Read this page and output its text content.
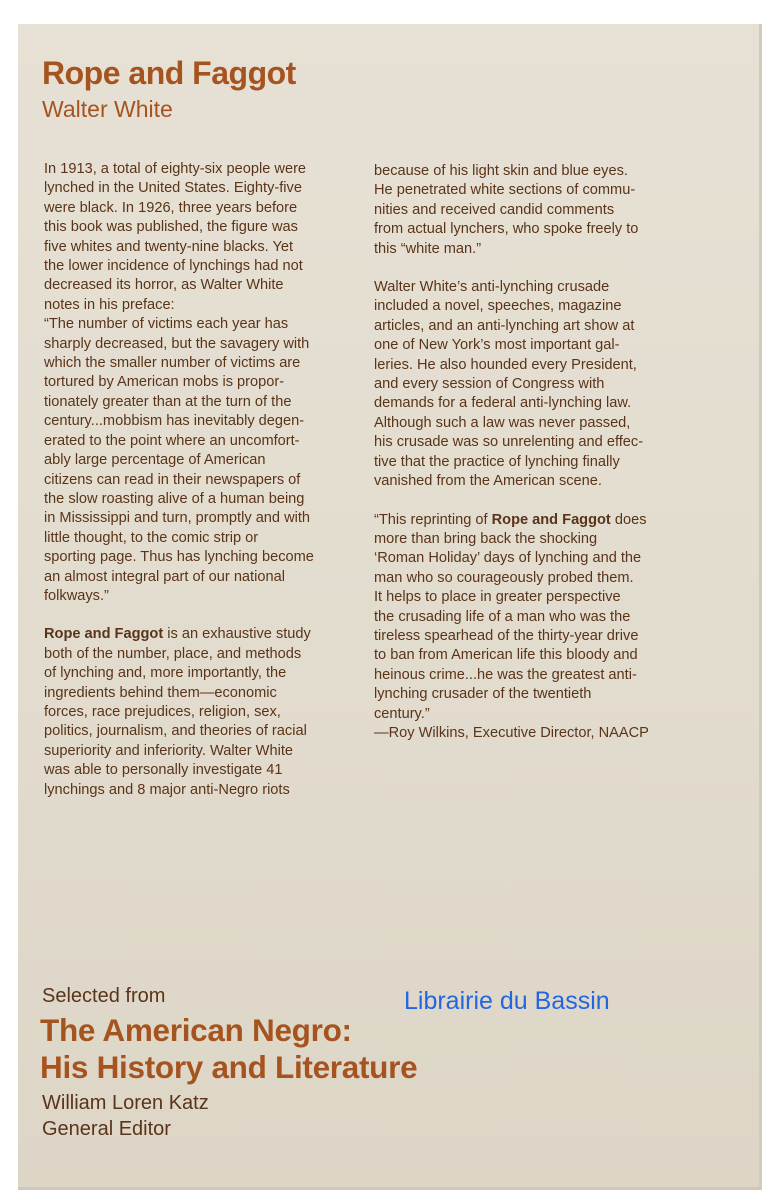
Rope and Faggot
Walter White

In 1913, a total of eighty-six people were
lynched in the United States. Eighty-five
were black. In 1926, three years before
this book was published, the figure was
five whites and twenty-nine blacks. Yet
the lower incidence of lynchings had not
decreased its horror, as Walter White
notes in his preface:

“The number of victims each year has
sharply decreased, but the savagery with
which the smaller number of victims are
tortured by American mobs is propor-
tionately greater than at the turn of the
century...mobbism has inevitably degen-
erated to the point where an uncomfort-
ably large percentage of American
citizens can read in their newspapers of
the slow roasting alive of a human being
in Mississippi and turn, promptly and with
little thought, to the comic strip or
sporting page. Thus has lynching become
an almost integral part of our national
folkways.”

Rope and Faggot is an exhaustive study
both of the number, place, and methods
of lynching and, more importantly, the
ingredients behind them—economic
forces, race prejudices, religion, sex,
politics, journalism, and theories of racial
superiority and inferiority. Walter White
was able to personally investigate 41
lynchings and 8 major anti-Negro riots

because of his light skin and blue eyes.
He penetrated white sections of commu-
nities and received candid comments
from actual lynchers, who spoke freely to
this “white man.”

Walter White’s anti-lynching crusade
included a novel, speeches, magazine
articles, and an anti-lynching art show at
one of New York’s most important gal-
leries. He also hounded every President,
and every session of Congress with
demands for a federal anti-lynching law.
Although such a law was never passed,
his crusade was so unrelenting and effec-
tive that the practice of lynching finally
vanished from the American scene.

“This reprinting of Rope and Faggot does
more than bring back the shocking
‘Roman Holiday’ days of lynching and the
man who so courageously probed them.
It helps to place in greater perspective
the crusading life of a man who was the
tireless spearhead of the thirty-year drive
to ban from American life this bloody and
heinous crime...he was the greatest anti-
lynching crusader of the twentieth
century.”

—Roy Wilkins, Executive Director, NAACP

Selected from	Librairie du Bassin
The American Negro:
His History and Literature
William Loren Katz
General Editor
